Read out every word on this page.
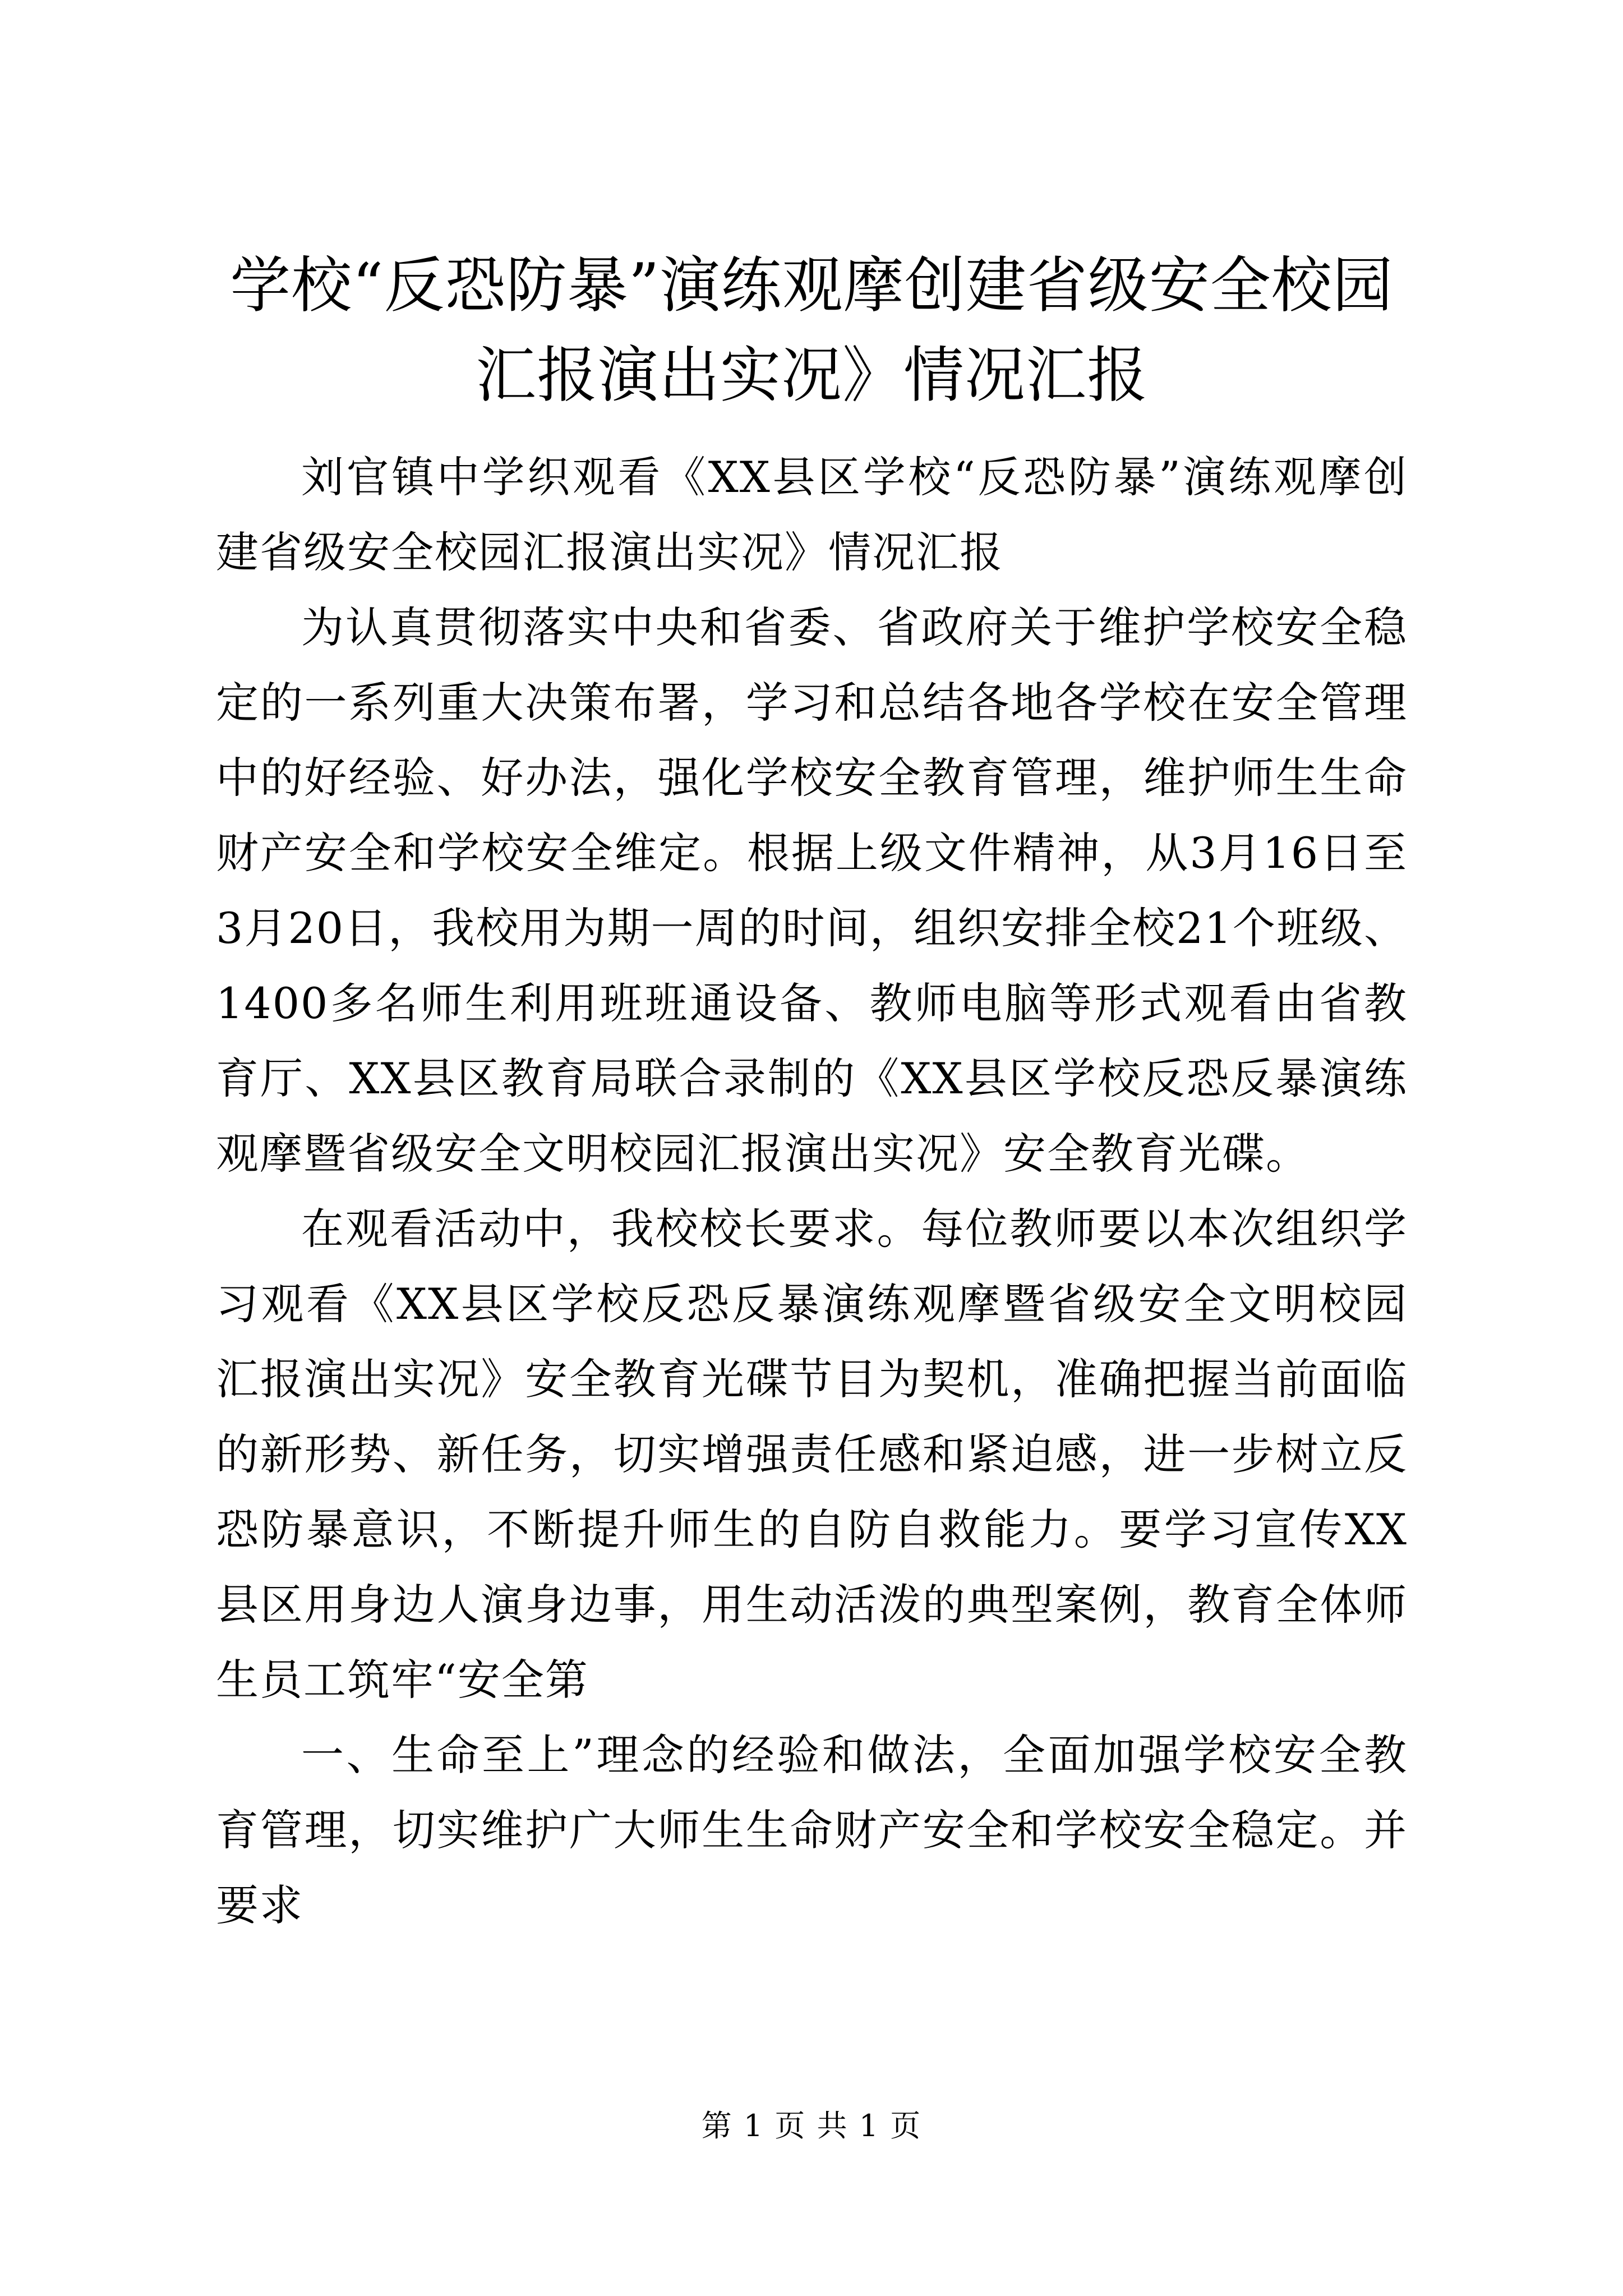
学校“反恐防暴”演练观摩创建省级安全校园
汇报演出实况》情况汇报

刘官镇中学织观看《XX县区学校“反恐防暴”演练观摩创建省级安全校园汇报演出实况》情况汇报

为认真贯彻落实中央和省委、省政府关于维护学校安全稳定的一系列重大决策布署，学习和总结各地各学校在安全管理中的好经验、好办法，强化学校安全教育管理，维护师生生命财产安全和学校安全维定。根据上级文件精神，从3月16日至3月20日，我校用为期一周的时间，组织安排全校21个班级、1400多名师生利用班班通设备、教师电脑等形式观看由省教育厅、XX县区教育局联合录制的《XX县区学校反恐反暴演练观摩暨省级安全文明校园汇报演出实况》安全教育光碟。

在观看活动中，我校校长要求。每位教师要以本次组织学习观看《XX县区学校反恐反暴演练观摩暨省级安全文明校园汇报演出实况》安全教育光碟节目为契机，准确把握当前面临的新形势、新任务，切实增强责任感和紧迫感，进一步树立反恐防暴意识，不断提升师生的自防自救能力。要学习宣传XX县区用身边人演身边事，用生动活泼的典型案例，教育全体师生员工筑牢“安全第

一、生命至上”理念的经验和做法，全面加强学校安全教育管理，切实维护广大师生生命财产安全和学校安全稳定。并要求

第 1 页 共 1 页
